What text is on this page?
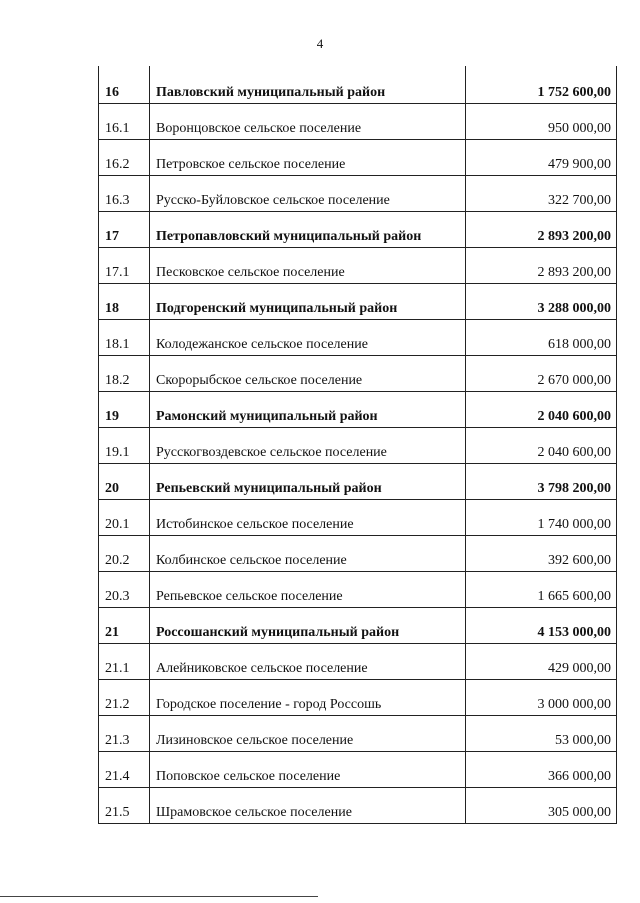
4
16	Павловский муниципальный район	1 752 600,00
16.1	Воронцовское сельское поселение	950 000,00
16.2	Петровское сельское поселение	479 900,00
16.3	Русско-Буйловское сельское поселение	322 700,00
17	Петропавловский муниципальный район	2 893 200,00
17.1	Песковское сельское поселение	2 893 200,00
18	Подгоренский муниципальный район	3 288 000,00
18.1	Колодежанское сельское поселение	618 000,00
18.2	Скорорыбское сельское поселение	2 670 000,00
19	Рамонский муниципальный район	2 040 600,00
19.1	Русскогвоздевское сельское поселение	2 040 600,00
20	Репьевский муниципальный район	3 798 200,00
20.1	Истобинское сельское поселение	1 740 000,00
20.2	Колбинское сельское поселение	392 600,00
20.3	Репьевское сельское поселение	1 665 600,00
21	Россошанский муниципальный район	4 153 000,00
21.1	Алейниковское сельское поселение	429 000,00
21.2	Городское поселение - город Россошь	3 000 000,00
21.3	Лизиновское сельское поселение	53 000,00
21.4	Поповское сельское поселение	366 000,00
21.5	Шрамовское сельское поселение	305 000,00
